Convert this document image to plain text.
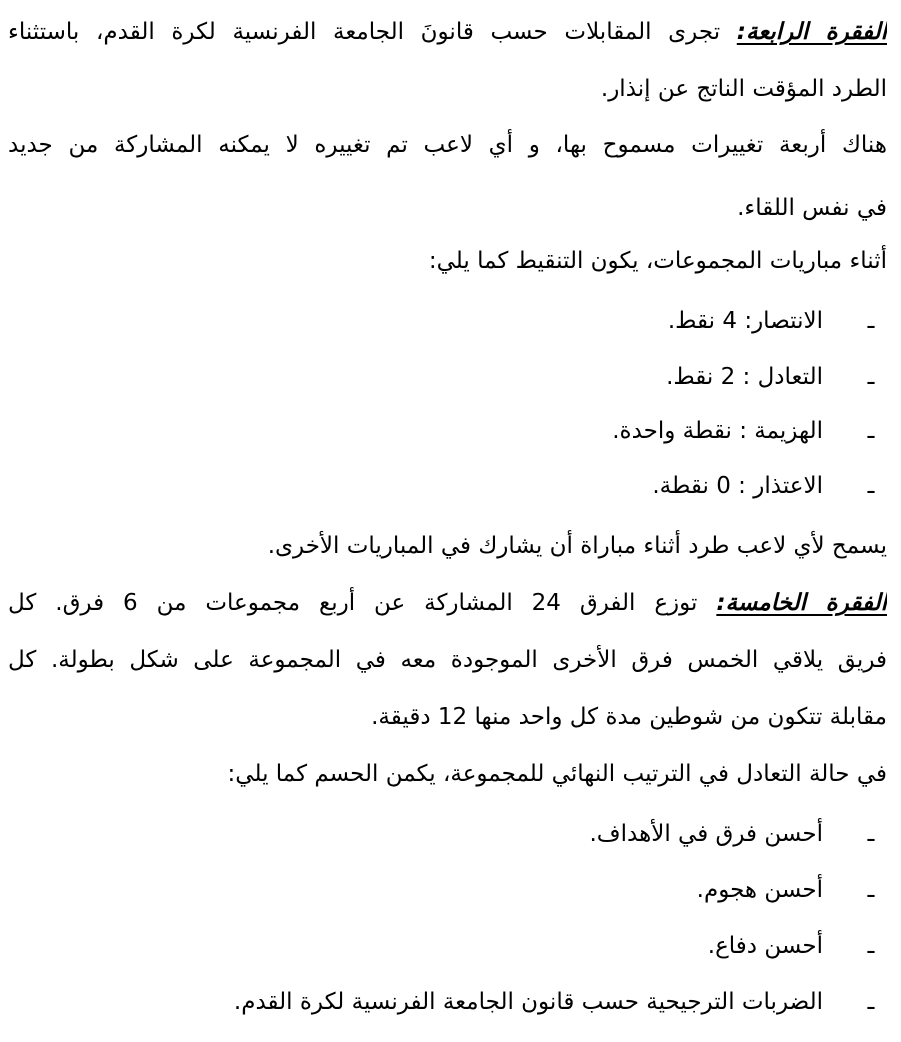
الفقرة الرابعة: تجرى المقابلات حسب قانونَ الجامعة الفرنسية لكرة القدم، باستثناء
الطرد المؤقت الناتج عن إنذار.
هناك أربعة تغييرات مسموح بها، و أي لاعب تم تغييره لا يمكنه المشاركة من جديد
في نفس اللقاء.
أثناء مباريات المجموعات، يكون التنقيط كما يلي:
ـ
الانتصار: 4 نقط.
ـ
التعادل : 2 نقط.
ـ
الهزيمة : نقطة واحدة.
ـ
الاعتذار : 0 نقطة.
يسمح لأي لاعب طرد أثناء مباراة أن يشارك في المباريات الأخرى.
الفقرة الخامسة: توزع الفرق 24 المشاركة عن أربع مجموعات من 6 فرق. كل
فريق يلاقي الخمس فرق الأخرى الموجودة معه في المجموعة على شكل بطولة. كل
مقابلة تتكون من شوطين مدة كل واحد منها 12 دقيقة.
في حالة التعادل في الترتيب النهائي للمجموعة، يكمن الحسم كما يلي:
ـ
أحسن فرق في الأهداف.
ـ
أحسن هجوم.
ـ
أحسن دفاع.
ـ
الضربات الترجيحية حسب قانون الجامعة الفرنسية لكرة القدم.
